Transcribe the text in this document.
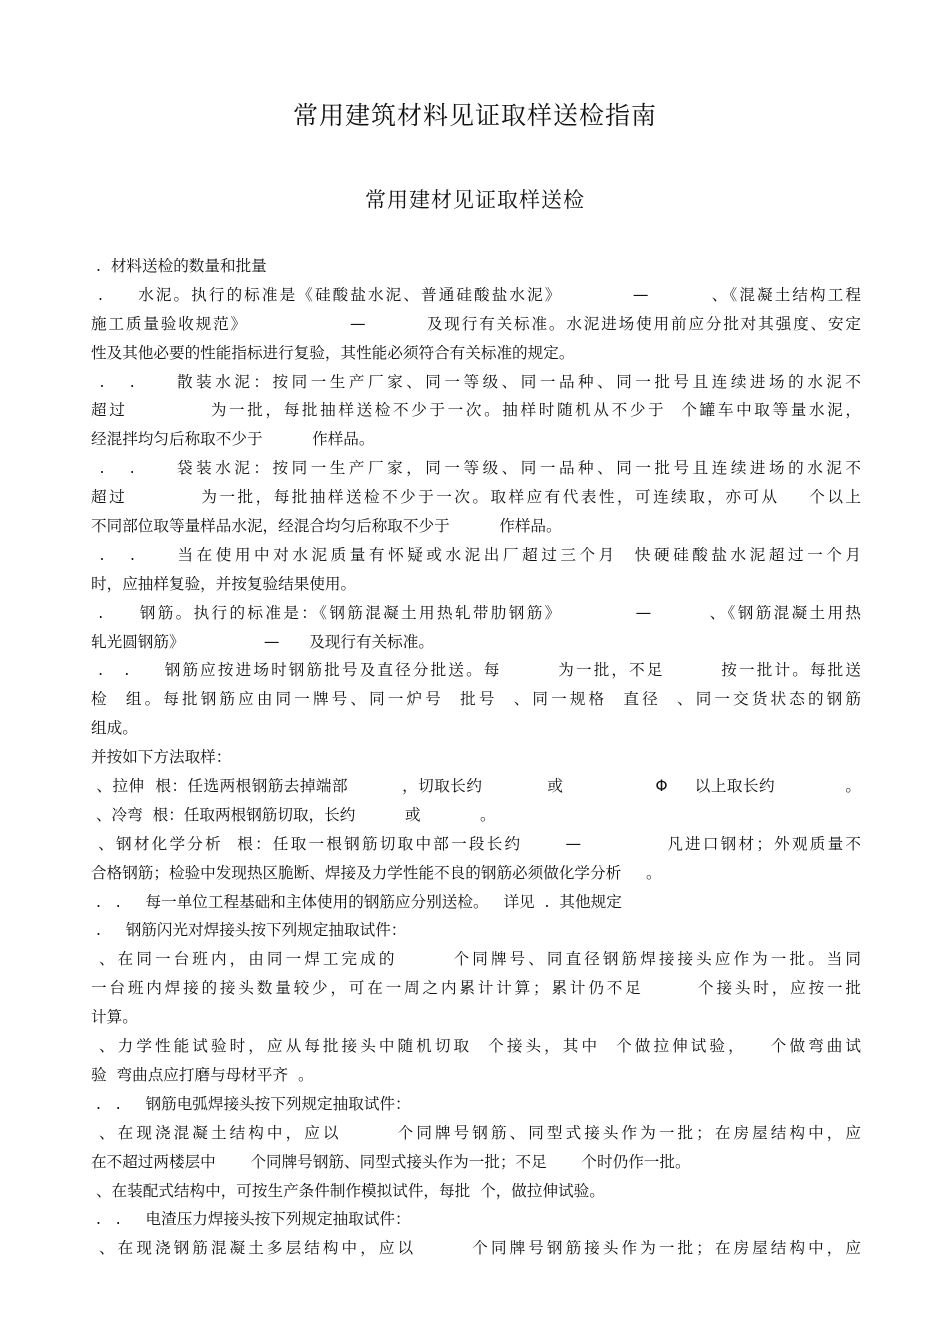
常用建筑材料见证取样送检指南
常用建材见证取样送检
.  材料送检的数量和批量
.     水泥。执行的标准是《硅酸盐水泥、普通硅酸盐水泥》          —         、《混凝土结构工程
施工质量验收规范》               —         及现行有关标准。水泥进场使用前应分批对其强度、安定
性及其他必要的性能指标进行复验，其性能必须符合有关标准的规定。
.   .     散装水泥：按同一生产厂家、同一等级、同一品种、同一批号且连续进场的水泥不
超过           为一批，每批抽样送检不少于一次。抽样时随机从不少于  个罐车中取等量水泥，
经混拌均匀后称取不少于          作样品。
.   .     袋装水泥：按同一生产厂家，同一等级、同一品种、同一批号且连续进场的水泥不
超过          为一批，每批抽样送检不少于一次。取样应有代表性，可连续取，亦可从    个以上
不同部位取等量样品水泥，经混合均匀后称取不少于          作样品。
.   .     当在使用中对水泥质量有怀疑或水泥出厂超过三个月  快硬硅酸盐水泥超过一个月
时，应抽样复验，并按复验结果使用。
.     钢筋。执行的标准是：《钢筋混凝土用热轧带肋钢筋》          —        、《钢筋混凝土用热
轧光圆钢筋》                —      及现行有关标准。
.   .     钢筋应按进场时钢筋批号及直径分批送。每        为一批，不足        按一批计。每批送
检  组。每批钢筋应由同一牌号、同一炉号  批号  、同一规格  直径  、同一交货状态的钢筋
组成。
并按如下方法取样：
、拉伸  根：任选两根钢筋去掉端部          ，切取长约            或                 Φ     以上取长约             。
、冷弯  根：任取两根钢筋切取，长约          或            。
、钢材化学分析  根：任取一根钢筋切取中部一段长约      —            凡进口钢材；外观质量不
合格钢筋；检验中发现热区脆断、焊接及力学性能不良的钢筋必须做化学分析     。
.   .     每一单位工程基础和主体使用的钢筋应分别送检。   详见  .  其他规定
.     钢筋闪光对焊接头按下列规定抽取试件：
、在同一台班内，由同一焊工完成的       个同牌号、同直径钢筋焊接接头应作为一批。当同
一台班内焊接的接头数量较少，可在一周之内累计计算；累计仍不足       个接头时，应按一批
计算。
、力学性能试验时，应从每批接头中随机切取  个接头，其中  个做拉伸试验，   个做弯曲试
验  弯曲点应打磨与母材平齐  。
.   .     钢筋电弧焊接头按下列规定抽取试件：
、在现浇混凝土结构中，应以       个同牌号钢筋、同型式接头作为一批；在房屋结构中，应
在不超过两楼层中       个同牌号钢筋、同型式接头作为一批；不足       个时仍作一批。
、在装配式结构中，可按生产条件制作模拟试件，每批  个，做拉伸试验。
.   .     电渣压力焊接头按下列规定抽取试件：
、在现浇钢筋混凝土多层结构中，应以       个同牌号钢筋接头作为一批；在房屋结构中，应
